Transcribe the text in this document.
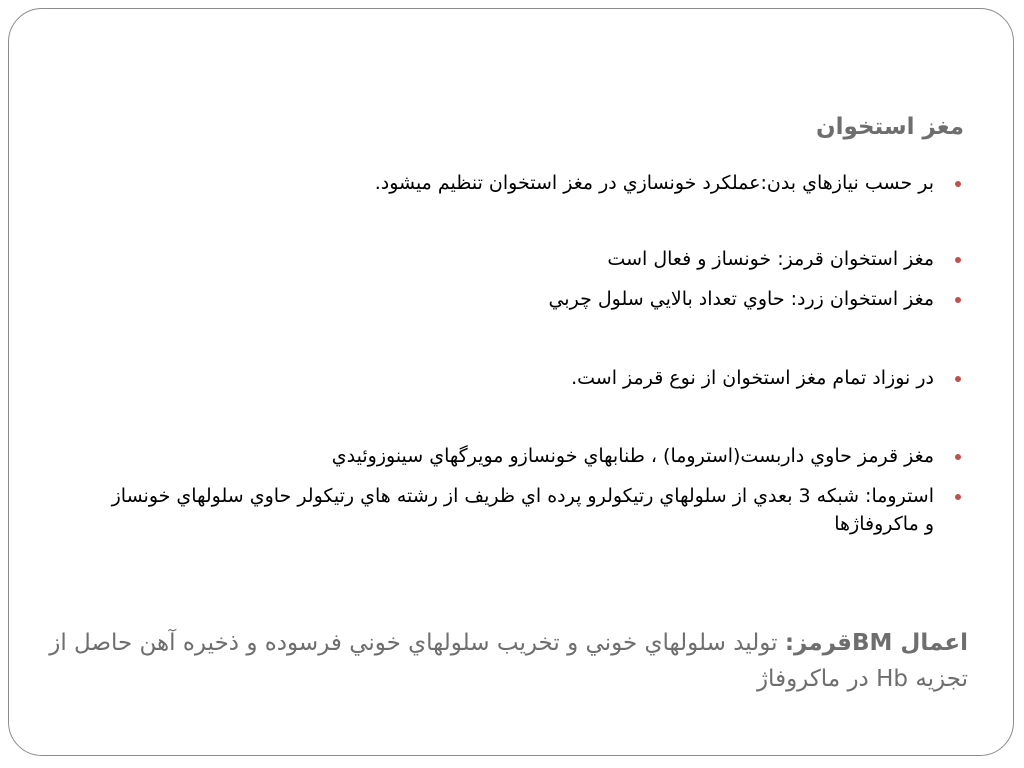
مغز استخوان
بر حسب نيازهاي بدن:عملكرد خونسازي در مغز استخوان تنظيم ميشود.
مغز استخوان قرمز: خونساز و فعال است
مغز استخوان زرد: حاوي تعداد بالايي سلول چربي
در نوزاد تمام مغز استخوان از نوع قرمز است.
مغز قرمز حاوي داربست(استروما) ، طنابهاي خونسازو مويرگهاي سينوزوئيدي
استروما: شبكه 3 بعدي از سلولهاي رتيكولرو پرده اي ظريف از رشته هاي رتيكولر حاوي سلولهاي خونساز و ماكروفاژها

اعمال BMقرمز: توليد سلولهاي خوني و تخريب سلولهاي خوني فرسوده و ذخيره آهن حاصل از تجزيه Hb در ماكروفاژ
